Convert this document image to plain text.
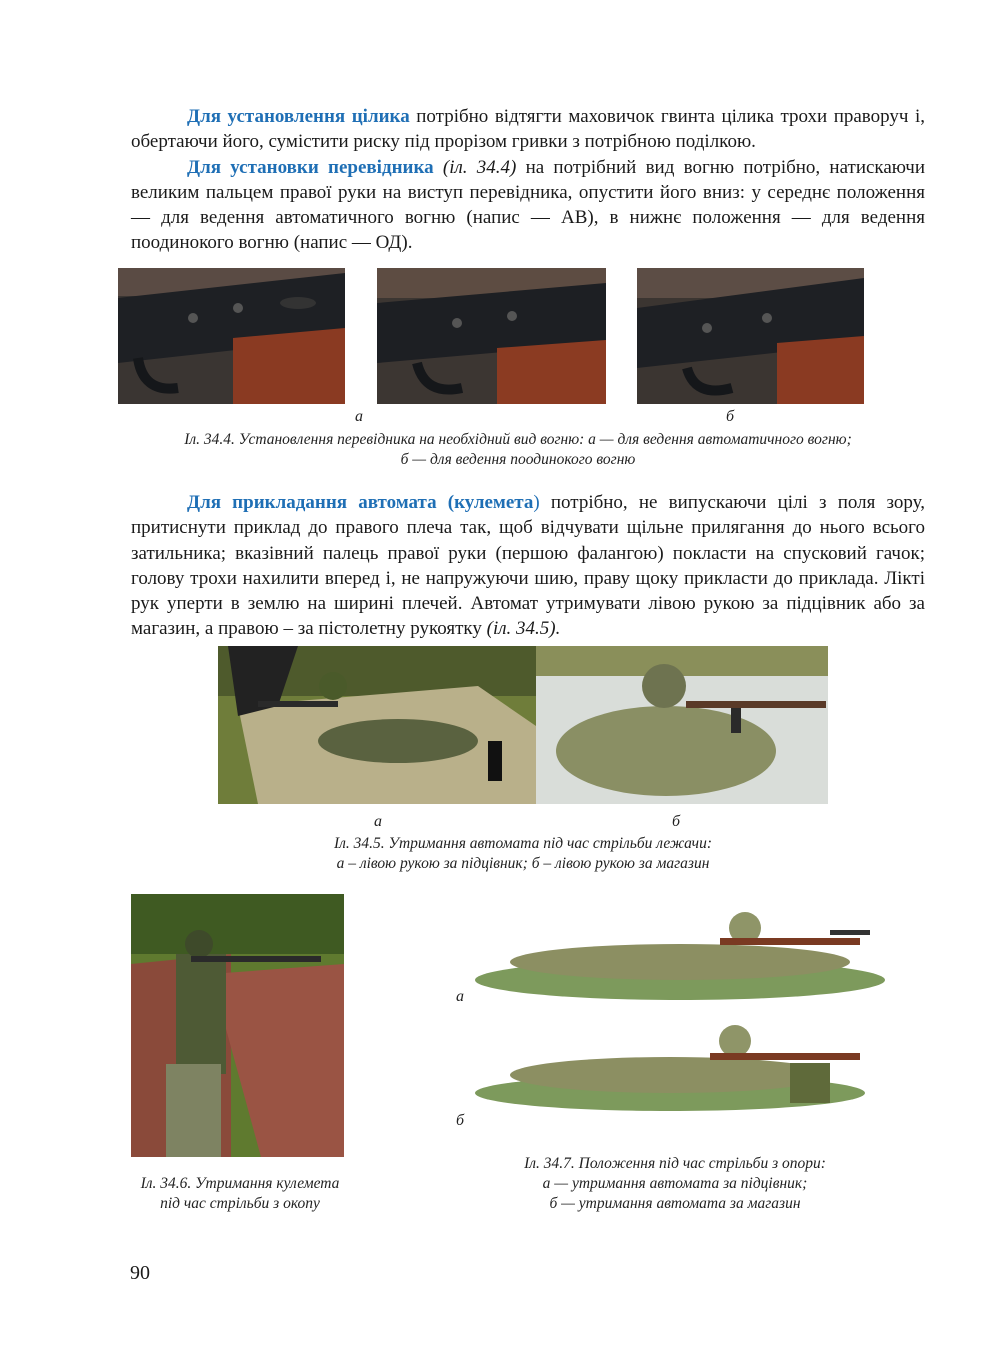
Для установлення цілика потрібно відтягти маховичок гвинта цілика трохи праворуч і, обертаючи його, сумістити риску під прорізом гривки з потрібною поділкою.

Для установки перевідника (іл. 34.4) на потрібний вид вогню потрібно, натискаючи великим пальцем правої руки на виступ перевідника, опустити його вниз: у середнє положення — для ведення автоматичного вогню (напис — АВ), в нижнє положення — для ведення поодинокого вогню (напис — ОД).

а	б
Іл. 34.4. Установлення перевідника на необхідний вид вогню: а — для ведення автоматичного вогню;
б — для ведення поодинокого вогню

Для прикладання автомата (кулемета) потрібно, не випускаючи цілі з поля зору, притиснути приклад до правого плеча так, щоб відчувати щільне прилягання до нього всього затильника; вказівний палець правої руки (першою фалангою) покласти на спусковий гачок; голову трохи нахилити вперед і, не напружуючи шию, праву щоку прикласти до приклада. Лікті рук уперти в землю на ширині плечей. Автомат утримувати лівою рукою за підцівник або за магазин, а правою – за пістолетну рукоятку (іл. 34.5).

а	б
Іл. 34.5. Утримання автомата під час стрільби лежачи:
а – лівою рукою за підцівник; б – лівою рукою за магазин
Іл. 34.6. Утримання кулемета
під час стрільби з окопу
а
б
Іл. 34.7. Положення під час стрільби з опори:
а — утримання автомата за підцівник;
б — утримання автомата за магазин
90
